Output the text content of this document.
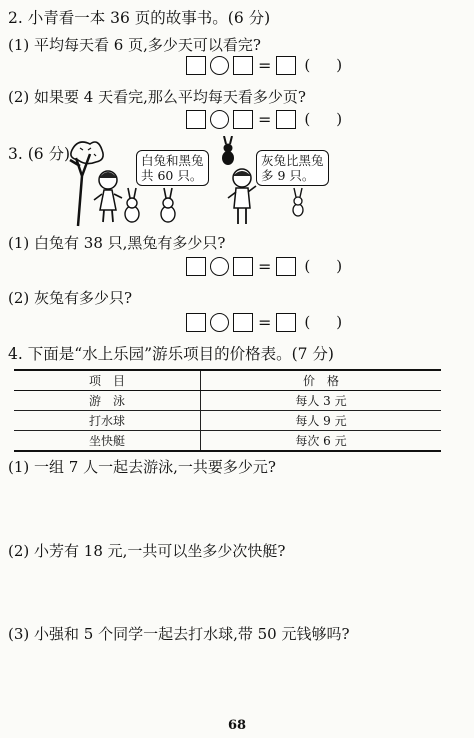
2. 小青看一本 36 页的故事书。(6 分)
(1) 平均每天看 6 页,多少天可以看完?
= ( )
(2) 如果要 4 天看完,那么平均每天看多少页?
= ( )
3. (6 分)	白兔和黑兔
共 60 只。
灰兔比黑兔
多 9 只。
(1) 白兔有 38 只,黑兔有多少只?
= ( )
(2) 灰兔有多少只?
= ( )
4. 下面是“水上乐园”游乐项目的价格表。(7 分)
项　目	价　格
游　泳	每人 3 元
打水球	每人 9 元
坐快艇	每次 6 元
(1) 一组 7 人一起去游泳,一共要多少元?
(2) 小芳有 18 元,一共可以坐多少次快艇?
(3) 小强和 5 个同学一起去打水球,带 50 元钱够吗?
68
